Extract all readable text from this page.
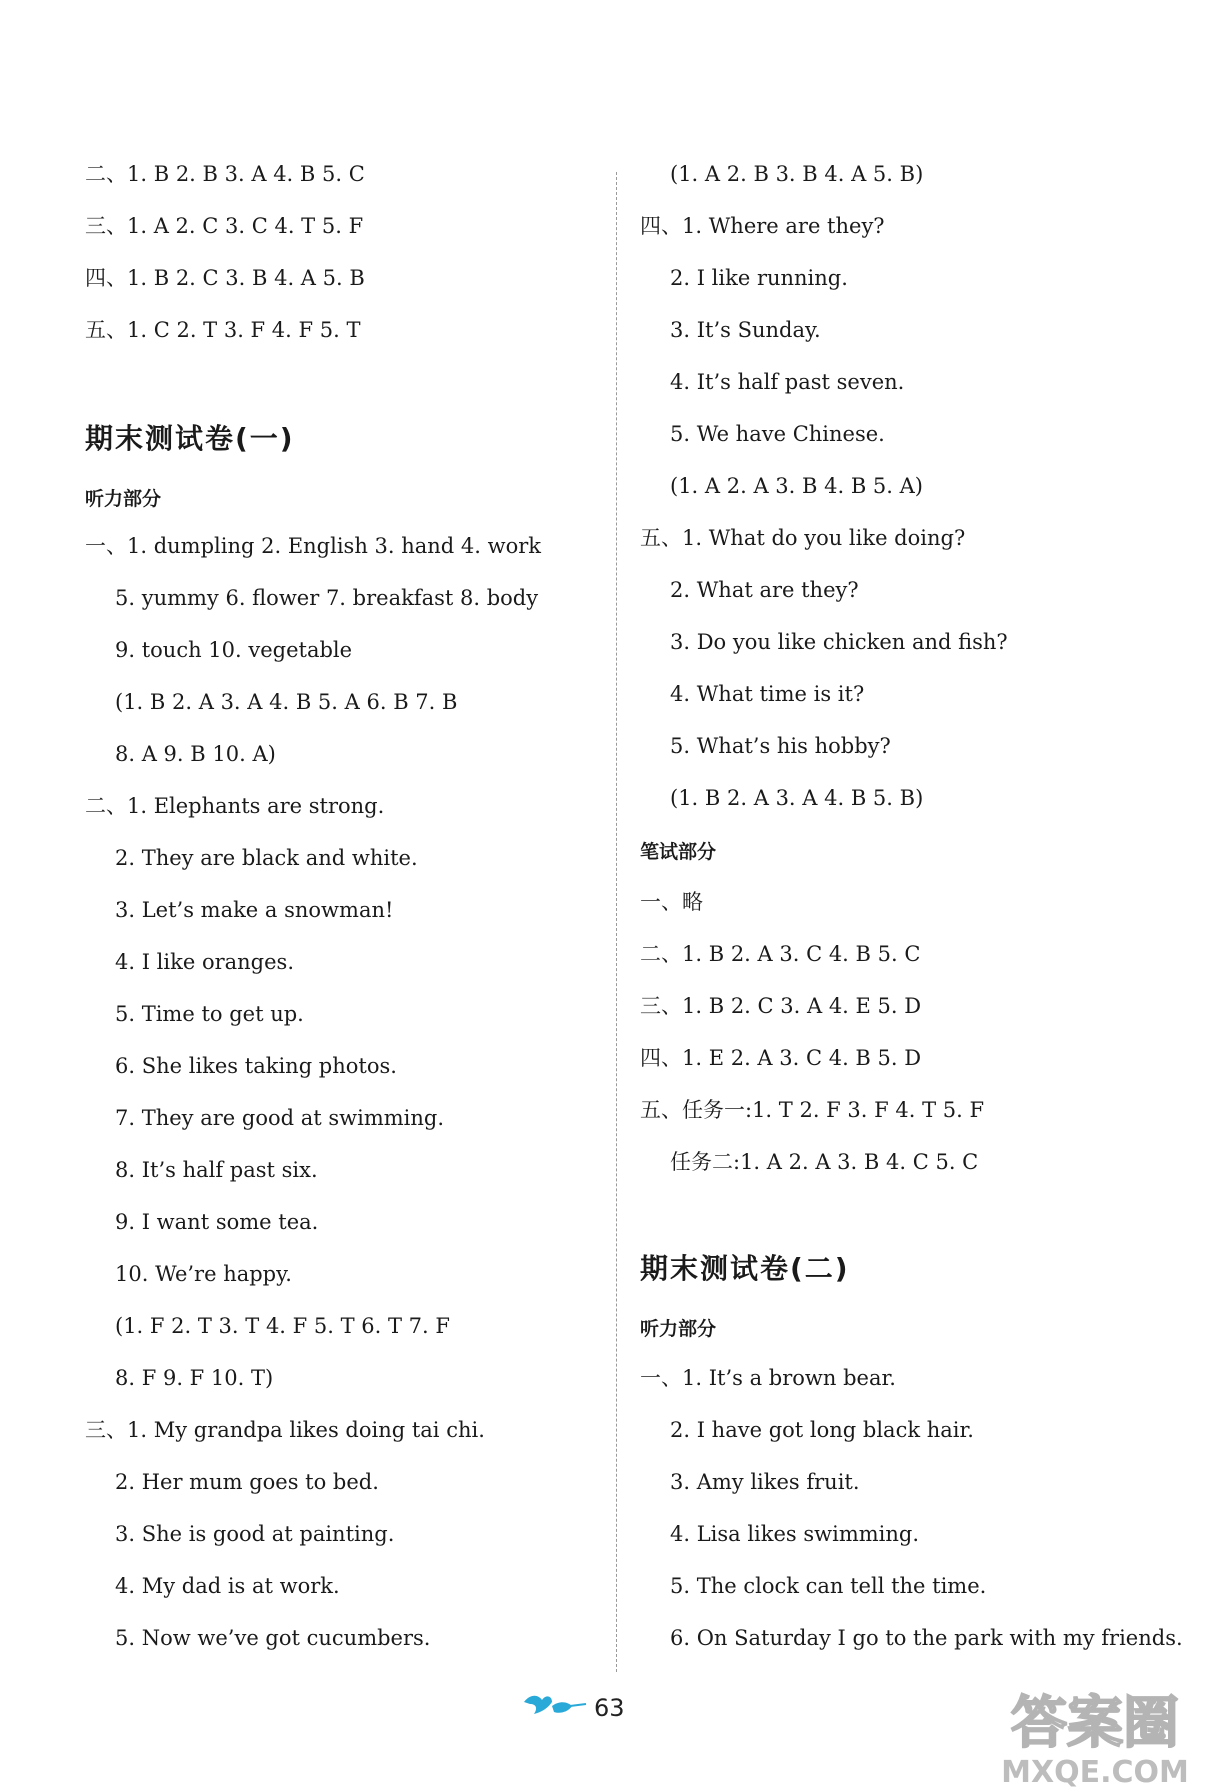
二、1. B 2. B 3. A 4. B 5. C
三、1. A 2. C 3. C 4. T 5. F
四、1. B 2. C 3. B 4. A 5. B
五、1. C 2. T 3. F 4. F 5. T
期末测试卷(一)
听力部分
一、1. dumpling 2. English 3. hand 4. work
5. yummy 6. flower 7. breakfast 8. body
9. touch 10. vegetable
(1. B 2. A 3. A 4. B 5. A 6. B 7. B
8. A 9. B 10. A)
二、1. Elephants are strong.
2. They are black and white.
3. Let’s make a snowman!
4. I like oranges.
5. Time to get up.
6. She likes taking photos.
7. They are good at swimming.
8. It’s half past six.
9. I want some tea.
10. We’re happy.
(1. F 2. T 3. T 4. F 5. T 6. T 7. F
8. F 9. F 10. T)
三、1. My grandpa likes doing tai chi.
2. Her mum goes to bed.
3. She is good at painting.
4. My dad is at work.
5. Now we’ve got cucumbers.
(1. A 2. B 3. B 4. A 5. B)
四、1. Where are they?
2. I like running.
3. It’s Sunday.
4. It’s half past seven.
5. We have Chinese.
(1. A 2. A 3. B 4. B 5. A)
五、1. What do you like doing?
2. What are they?
3. Do you like chicken and fish?
4. What time is it?
5. What’s his hobby?
(1. B 2. A 3. A 4. B 5. B)
笔试部分
一、略
二、1. B 2. A 3. C 4. B 5. C
三、1. B 2. C 3. A 4. E 5. D
四、1. E 2. A 3. C 4. B 5. D
五、任务一:1. T 2. F 3. F 4. T 5. F
任务二:1. A 2. A 3. B 4. C 5. C
期末测试卷(二)
听力部分
一、1. It’s a brown bear.
2. I have got long black hair.
3. Amy likes fruit.
4. Lisa likes swimming.
5. The clock can tell the time.
6. On Saturday I go to the park with my friends.
63	答案圈
MXQE.COM
